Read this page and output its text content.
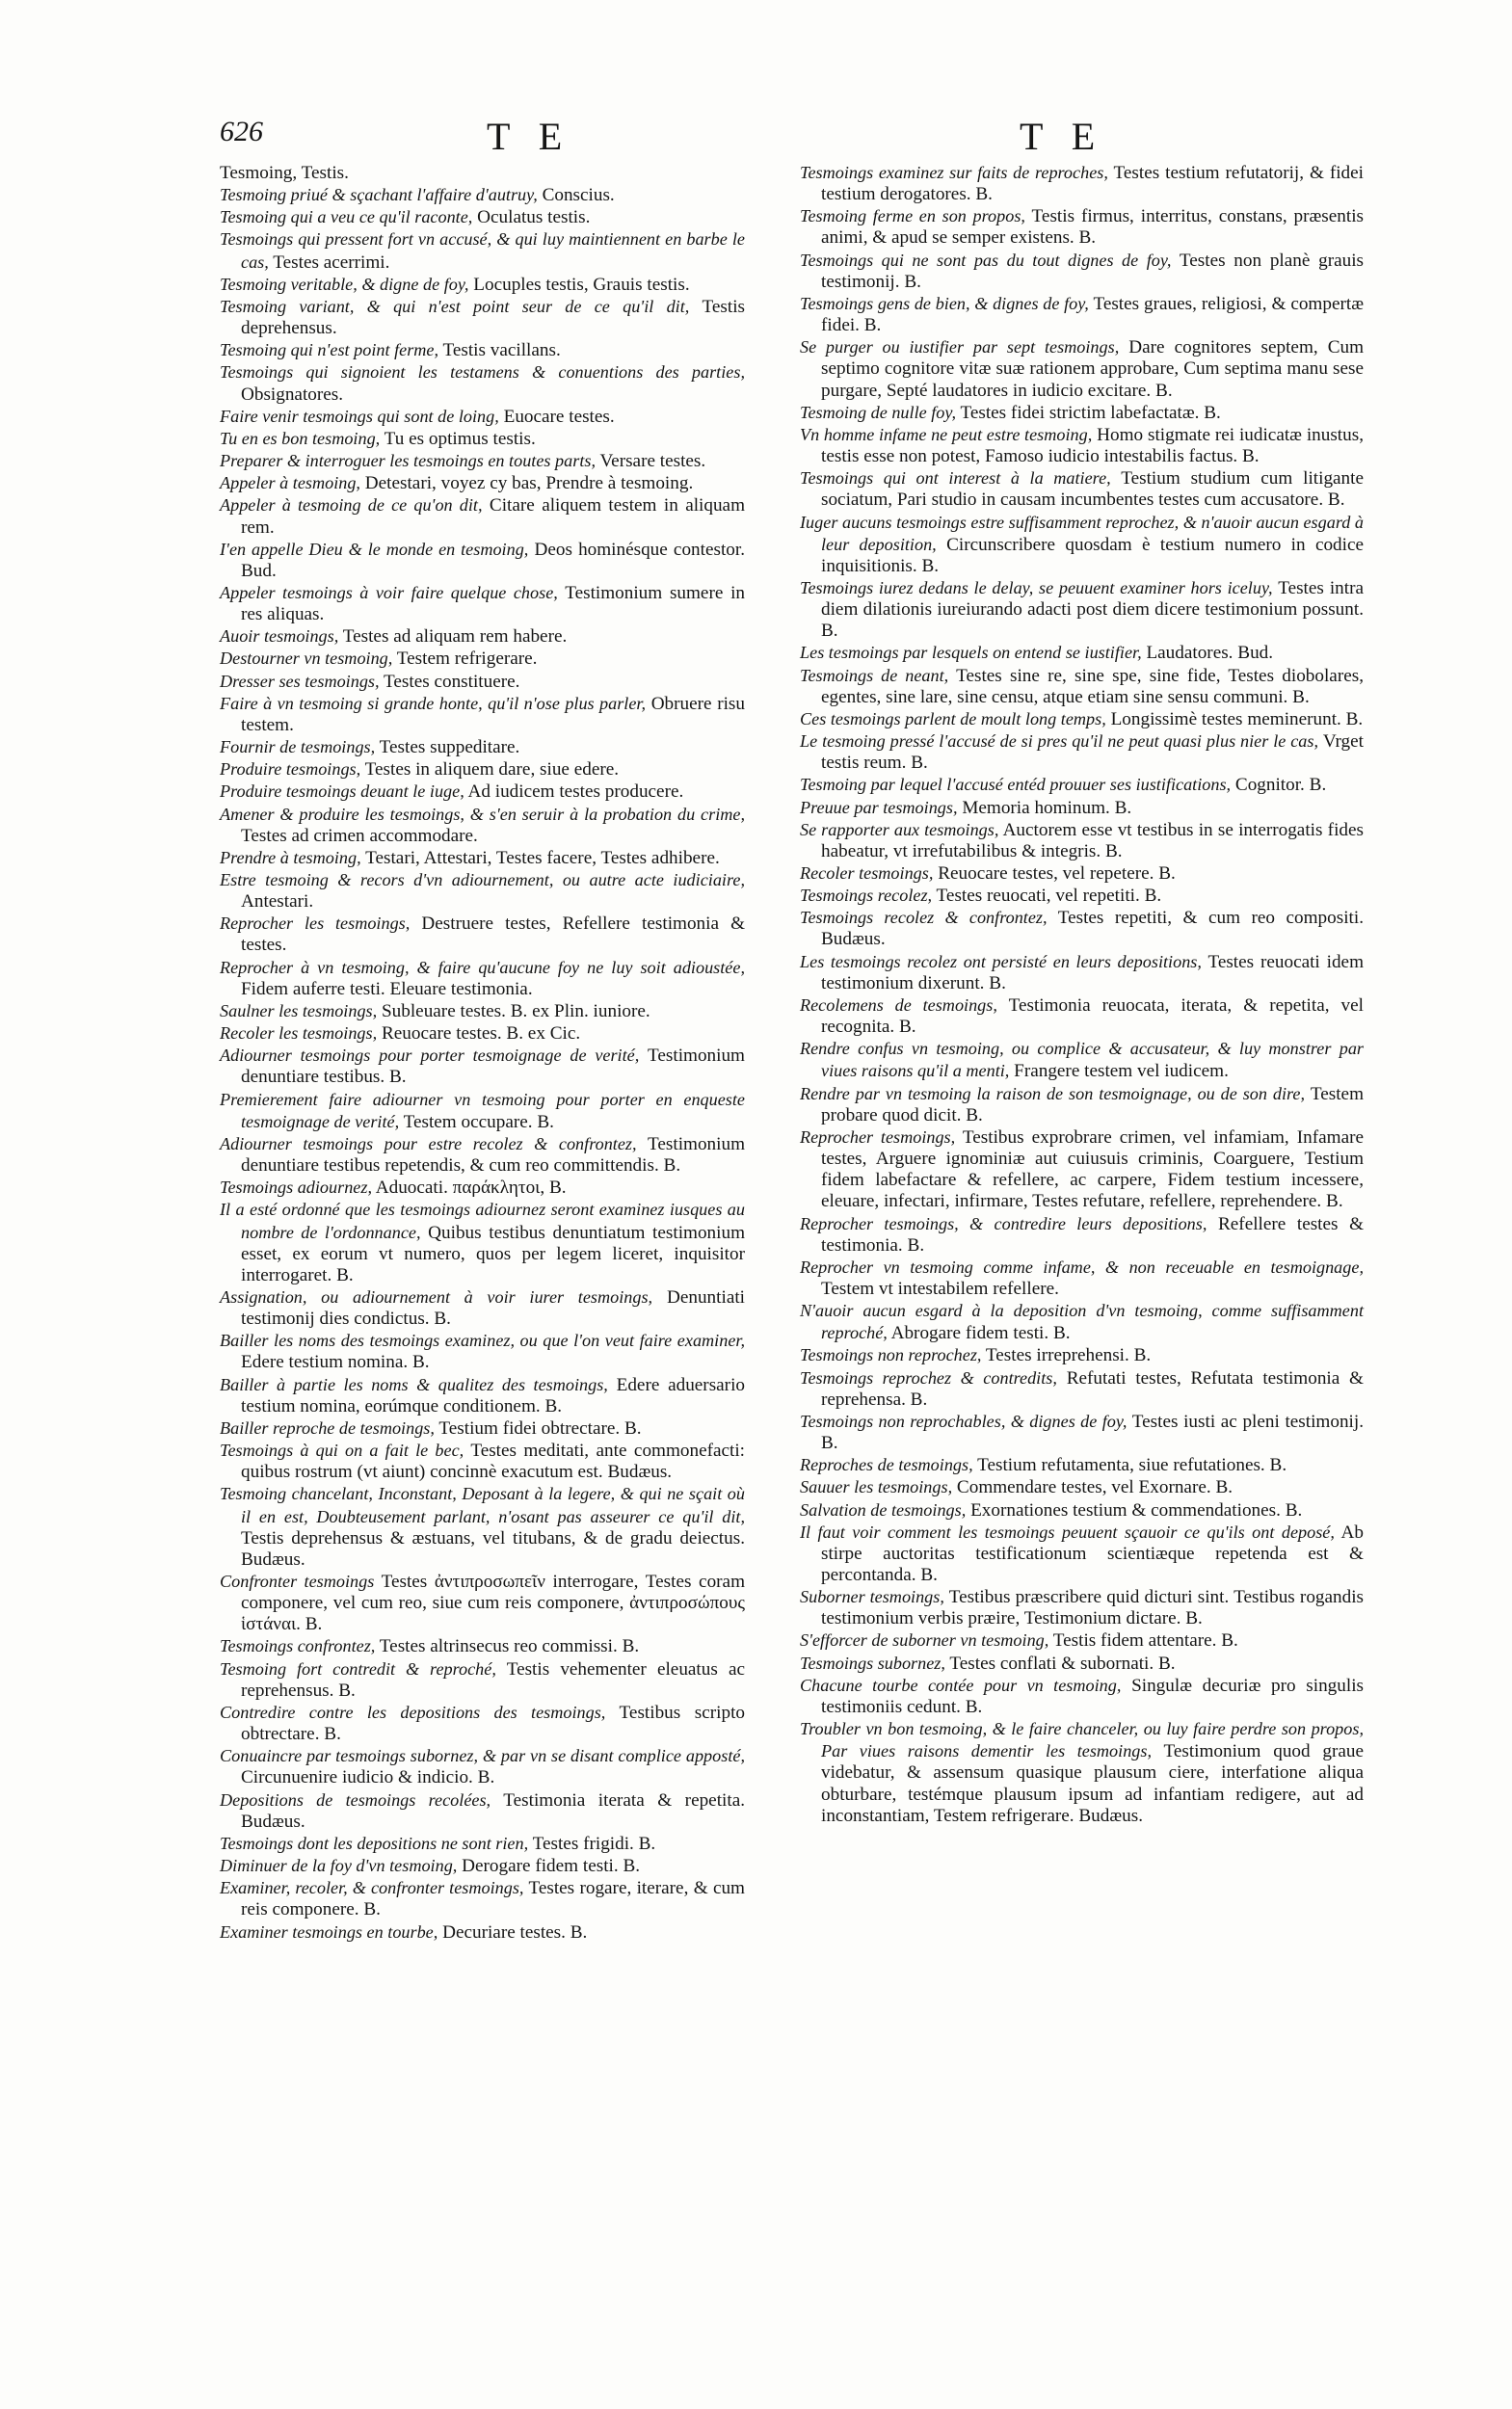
626	T E	T E

Tesmoing, Testis.

Tesmoing priué & sçachant l'affaire d'autruy, Conscius.

Tesmoing qui a veu ce qu'il raconte, Oculatus testis.

Tesmoings qui pressent fort vn accusé, & qui luy maintiennent en barbe le cas, Testes acerrimi.

Tesmoing veritable, & digne de foy, Locuples testis, Grauis testis.

Tesmoing variant, & qui n'est point seur de ce qu'il dit, Testis deprehensus.

Tesmoing qui n'est point ferme, Testis vacillans.

Tesmoings qui signoient les testamens & conuentions des parties, Obsignatores.

Faire venir tesmoings qui sont de loing, Euocare testes.

Tu en es bon tesmoing, Tu es optimus testis.

Preparer & interroguer les tesmoings en toutes parts, Versare testes.

Appeler à tesmoing, Detestari, voyez cy bas, Prendre à tesmoing.

Appeler à tesmoing de ce qu'on dit, Citare aliquem testem in aliquam rem.

I'en appelle Dieu & le monde en tesmoing, Deos hominésque contestor. Bud.

Appeler tesmoings à voir faire quelque chose, Testimonium sumere in res aliquas.

Auoir tesmoings, Testes ad aliquam rem habere.

Destourner vn tesmoing, Testem refrigerare.

Dresser ses tesmoings, Testes constituere.

Faire à vn tesmoing si grande honte, qu'il n'ose plus parler, Obruere risu testem.

Fournir de tesmoings, Testes suppeditare.

Produire tesmoings, Testes in aliquem dare, siue edere.

Produire tesmoings deuant le iuge, Ad iudicem testes producere.

Amener & produire les tesmoings, & s'en seruir à la probation du crime, Testes ad crimen accommodare.

Prendre à tesmoing, Testari, Attestari, Testes facere, Testes adhibere.

Estre tesmoing & recors d'vn adiournement, ou autre acte iudiciaire, Antestari.

Reprocher les tesmoings, Destruere testes, Refellere testimonia & testes.

Reprocher à vn tesmoing, & faire qu'aucune foy ne luy soit adioustée, Fidem auferre testi. Eleuare testimonia.

Saulner les tesmoings, Subleuare testes. B. ex Plin. iuniore.

Recoler les tesmoings, Reuocare testes. B. ex Cic.

Adiourner tesmoings pour porter tesmoignage de verité, Testimonium denuntiare testibus. B.

Premierement faire adiourner vn tesmoing pour porter en enqueste tesmoignage de verité, Testem occupare. B.

Adiourner tesmoings pour estre recolez & confrontez, Testimonium denuntiare testibus repetendis, & cum reo committendis. B.

Tesmoings adiournez, Aduocati. παράκλητοι, B.

Il a esté ordonné que les tesmoings adiournez seront examinez iusques au nombre de l'ordonnance, Quibus testibus denuntiatum testimonium esset, ex eorum vt numero, quos per legem liceret, inquisitor interrogaret. B.

Assignation, ou adiournement à voir iurer tesmoings, Denuntiati testimonij dies condictus. B.

Bailler les noms des tesmoings examinez, ou que l'on veut faire examiner, Edere testium nomina. B.

Bailler à partie les noms & qualitez des tesmoings, Edere aduersario testium nomina, eorúmque conditionem. B.

Bailler reproche de tesmoings, Testium fidei obtrectare. B.

Tesmoings à qui on a fait le bec, Testes meditati, ante commonefacti: quibus rostrum (vt aiunt) concinnè exacutum est. Budæus.

Tesmoing chancelant, Inconstant, Deposant à la legere, & qui ne sçait où il en est, Doubteusement parlant, n'osant pas asseurer ce qu'il dit, Testis deprehensus & æstuans, vel titubans, & de gradu deiectus. Budæus.

Confronter tesmoings Testes ἀντιπροσωπεῖν interrogare, Testes coram componere, vel cum reo, siue cum reis componere, ἀντιπροσώπους ἱστάναι. B.

Tesmoings confrontez, Testes altrinsecus reo commissi. B.

Tesmoing fort contredit & reproché, Testis vehementer eleuatus ac reprehensus. B.

Contredire contre les depositions des tesmoings, Testibus scripto obtrectare. B.

Conuaincre par tesmoings subornez, & par vn se disant complice apposté, Circunuenire iudicio & indicio. B.

Depositions de tesmoings recolées, Testimonia iterata & repetita. Budæus.

Tesmoings dont les depositions ne sont rien, Testes frigidi. B.

Diminuer de la foy d'vn tesmoing, Derogare fidem testi. B.

Examiner, recoler, & confronter tesmoings, Testes rogare, iterare, & cum reis componere. B.

Examiner tesmoings en tourbe, Decuriare testes. B.

Tesmoings examinez sur faits de reproches, Testes testium refutatorij, & fidei testium derogatores. B.

Tesmoing ferme en son propos, Testis firmus, interritus, constans, præsentis animi, & apud se semper existens. B.

Tesmoings qui ne sont pas du tout dignes de foy, Testes non planè grauis testimonij. B.

Tesmoings gens de bien, & dignes de foy, Testes graues, religiosi, & compertæ fidei. B.

Se purger ou iustifier par sept tesmoings, Dare cognitores septem, Cum septimo cognitore vitæ suæ rationem approbare, Cum septima manu sese purgare, Septé laudatores in iudicio excitare. B.

Tesmoing de nulle foy, Testes fidei strictim labefactatæ. B.

Vn homme infame ne peut estre tesmoing, Homo stigmate rei iudicatæ inustus, testis esse non potest, Famoso iudicio intestabilis factus. B.

Tesmoings qui ont interest à la matiere, Testium studium cum litigante sociatum, Pari studio in causam incumbentes testes cum accusatore. B.

Iuger aucuns tesmoings estre suffisamment reprochez, & n'auoir aucun esgard à leur deposition, Circunscribere quosdam è testium numero in codice inquisitionis. B.

Tesmoings iurez dedans le delay, se peuuent examiner hors iceluy, Testes intra diem dilationis iureiurando adacti post diem dicere testimonium possunt. B.

Les tesmoings par lesquels on entend se iustifier, Laudatores. Bud.

Tesmoings de neant, Testes sine re, sine spe, sine fide, Testes diobolares, egentes, sine lare, sine censu, atque etiam sine sensu communi. B.

Ces tesmoings parlent de moult long temps, Longissimè testes meminerunt. B.

Le tesmoing pressé l'accusé de si pres qu'il ne peut quasi plus nier le cas, Vrget testis reum. B.

Tesmoing par lequel l'accusé entéd prouuer ses iustifications, Cognitor. B.

Preuue par tesmoings, Memoria hominum. B.

Se rapporter aux tesmoings, Auctorem esse vt testibus in se interrogatis fides habeatur, vt irrefutabilibus & integris. B.

Recoler tesmoings, Reuocare testes, vel repetere. B.

Tesmoings recolez, Testes reuocati, vel repetiti. B.

Tesmoings recolez & confrontez, Testes repetiti, & cum reo compositi. Budæus.

Les tesmoings recolez ont persisté en leurs depositions, Testes reuocati idem testimonium dixerunt. B.

Recolemens de tesmoings, Testimonia reuocata, iterata, & repetita, vel recognita. B.

Rendre confus vn tesmoing, ou complice & accusateur, & luy monstrer par viues raisons qu'il a menti, Frangere testem vel iudicem.

Rendre par vn tesmoing la raison de son tesmoignage, ou de son dire, Testem probare quod dicit. B.

Reprocher tesmoings, Testibus exprobrare crimen, vel infamiam, Infamare testes, Arguere ignominiæ aut cuiusuis criminis, Coarguere, Testium fidem labefactare & refellere, ac carpere, Fidem testium incessere, eleuare, infectari, infirmare, Testes refutare, refellere, reprehendere. B.

Reprocher tesmoings, & contredire leurs depositions, Refellere testes & testimonia. B.

Reprocher vn tesmoing comme infame, & non receuable en tesmoignage, Testem vt intestabilem refellere.

N'auoir aucun esgard à la deposition d'vn tesmoing, comme suffisamment reproché, Abrogare fidem testi. B.

Tesmoings non reprochez, Testes irreprehensi. B.

Tesmoings reprochez & contredits, Refutati testes, Refutata testimonia & reprehensa. B.

Tesmoings non reprochables, & dignes de foy, Testes iusti ac pleni testimonij. B.

Reproches de tesmoings, Testium refutamenta, siue refutationes. B.

Sauuer les tesmoings, Commendare testes, vel Exornare. B.

Salvation de tesmoings, Exornationes testium & commendationes. B.

Il faut voir comment les tesmoings peuuent sçauoir ce qu'ils ont deposé, Ab stirpe auctoritas testificationum scientiæque repetenda est & percontanda. B.

Suborner tesmoings, Testibus præscribere quid dicturi sint. Testibus rogandis testimonium verbis præire, Testimonium dictare. B.

S'efforcer de suborner vn tesmoing, Testis fidem attentare. B.

Tesmoings subornez, Testes conflati & subornati. B.

Chacune tourbe contée pour vn tesmoing, Singulæ decuriæ pro singulis testimoniis cedunt. B.

Troubler vn bon tesmoing, & le faire chanceler, ou luy faire perdre son propos, Par viues raisons dementir les tesmoings, Testimonium quod graue videbatur, & assensum quasique plausum ciere, interfatione aliqua obturbare, testémque plausum ipsum ad infantiam redigere, aut ad inconstantiam, Testem refrigerare. Budæus.
